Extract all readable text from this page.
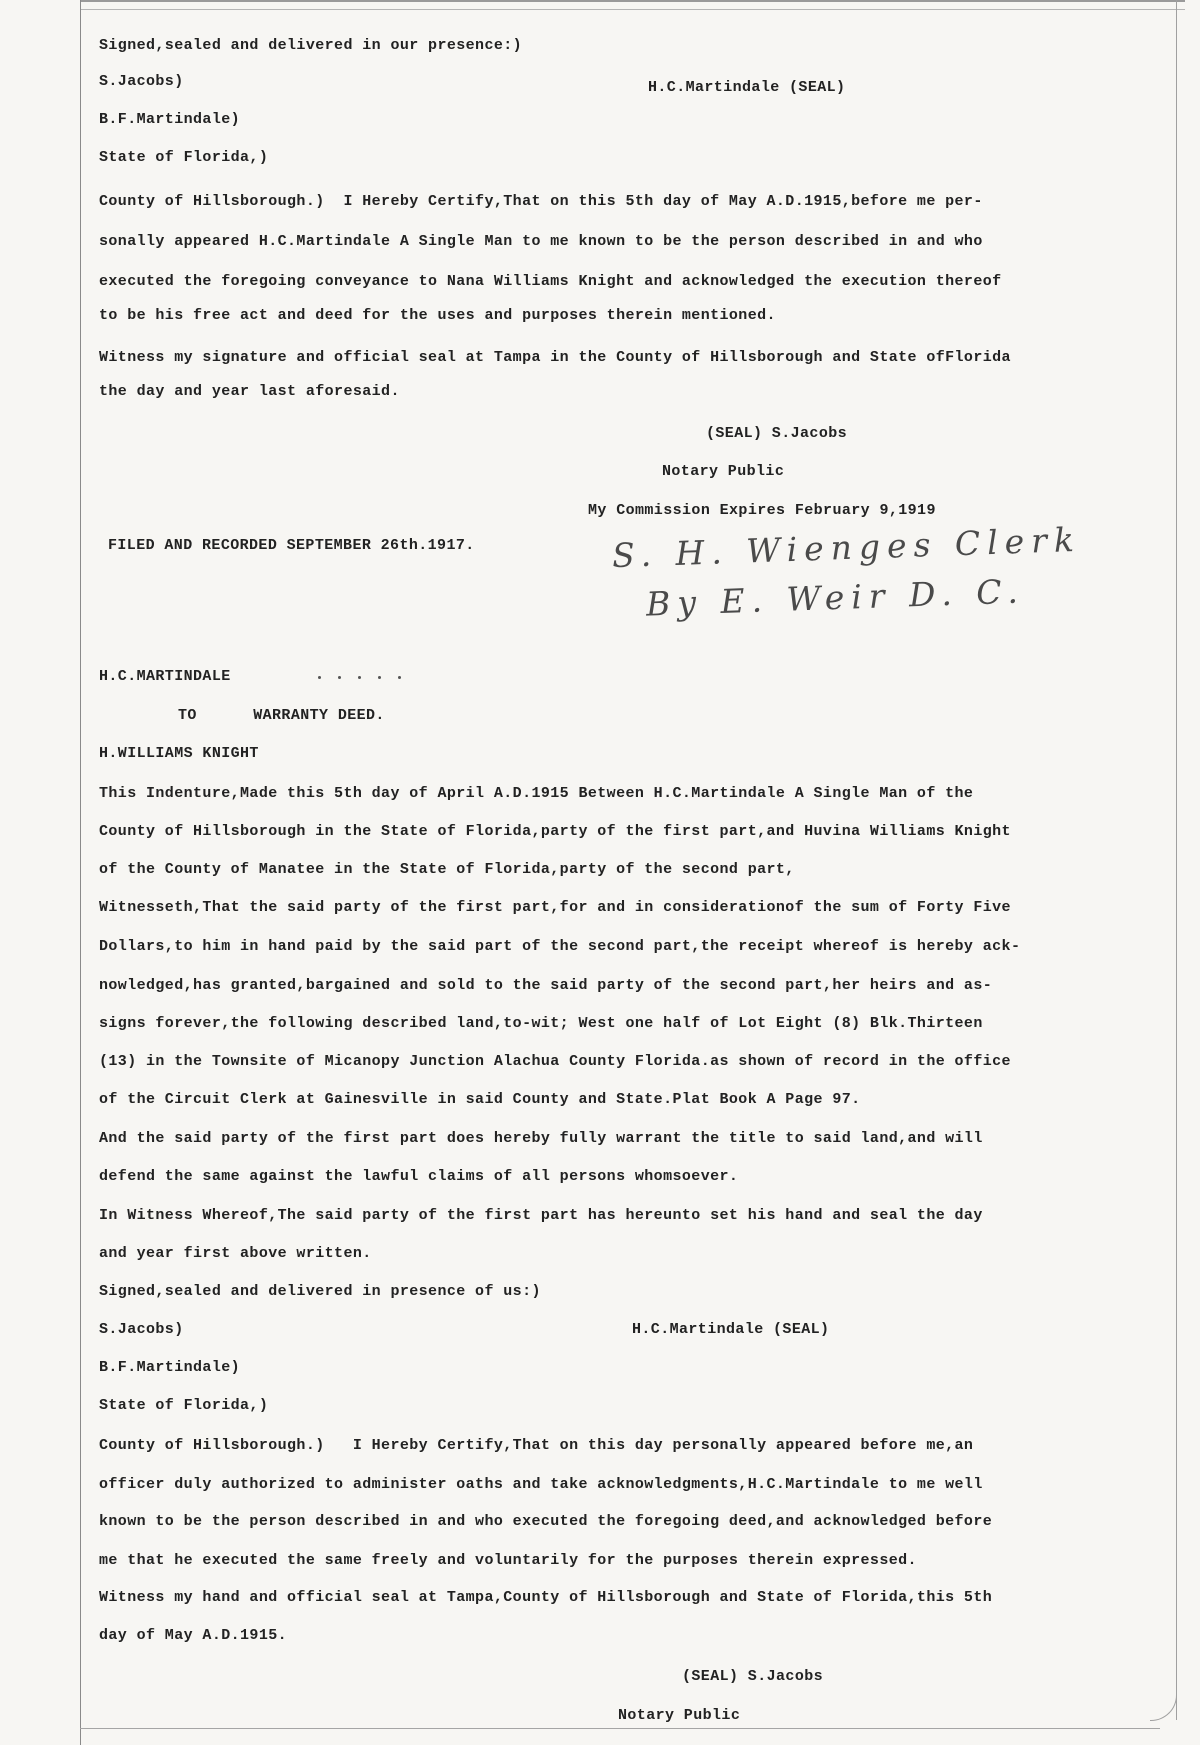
Signed,sealed and delivered in our presence:)
S.Jacobs)	H.C.Martindale (SEAL)
B.F.Martindale)
State of Florida,)
County of Hillsborough.)  I Hereby Certify,That on this 5th day of May A.D.1915,before me per-
sonally appeared H.C.Martindale A Single Man to me known to be the person described in and who
executed the foregoing conveyance to Nana Williams Knight and acknowledged the execution thereof
to be his free act and deed for the uses and purposes therein mentioned.
Witness my signature and official seal at Tampa in the County of Hillsborough and State ofFlorida
the day and year last aforesaid.
(SEAL) S.Jacobs
Notary Public
My Commission Expires February 9,1919
FILED AND RECORDED SEPTEMBER 26th.1917.	S. H. Wienges Clerk
By E. Weir D. C.
H.C.MARTINDALE
TO      WARRANTY DEED.
H.WILLIAMS KNIGHT
This Indenture,Made this 5th day of April A.D.1915 Between H.C.Martindale A Single Man of the
County of Hillsborough in the State of Florida,party of the first part,and Huvina Williams Knight
of the County of Manatee in the State of Florida,party of the second part,
Witnesseth,That the said party of the first part,for and in considerationof the sum of Forty Five
Dollars,to him in hand paid by the said part of the second part,the receipt whereof is hereby ack-
nowledged,has granted,bargained and sold to the said party of the second part,her heirs and as-
signs forever,the following described land,to-wit; West one half of Lot Eight (8) Blk.Thirteen
(13) in the Townsite of Micanopy Junction Alachua County Florida.as shown of record in the office
of the Circuit Clerk at Gainesville in said County and State.Plat Book A Page 97.
And the said party of the first part does hereby fully warrant the title to said land,and will
defend the same against the lawful claims of all persons whomsoever.
In Witness Whereof,The said party of the first part has hereunto set his hand and seal the day
and year first above written.
Signed,sealed and delivered in presence of us:)
S.Jacobs)	H.C.Martindale (SEAL)
B.F.Martindale)
State of Florida,)
County of Hillsborough.)   I Hereby Certify,That on this day personally appeared before me,an
officer duly authorized to administer oaths and take acknowledgments,H.C.Martindale to me well
known to be the person described in and who executed the foregoing deed,and acknowledged before
me that he executed the same freely and voluntarily for the purposes therein expressed.
Witness my hand and official seal at Tampa,County of Hillsborough and State of Florida,this 5th
day of May A.D.1915.
(SEAL) S.Jacobs
Notary Public
